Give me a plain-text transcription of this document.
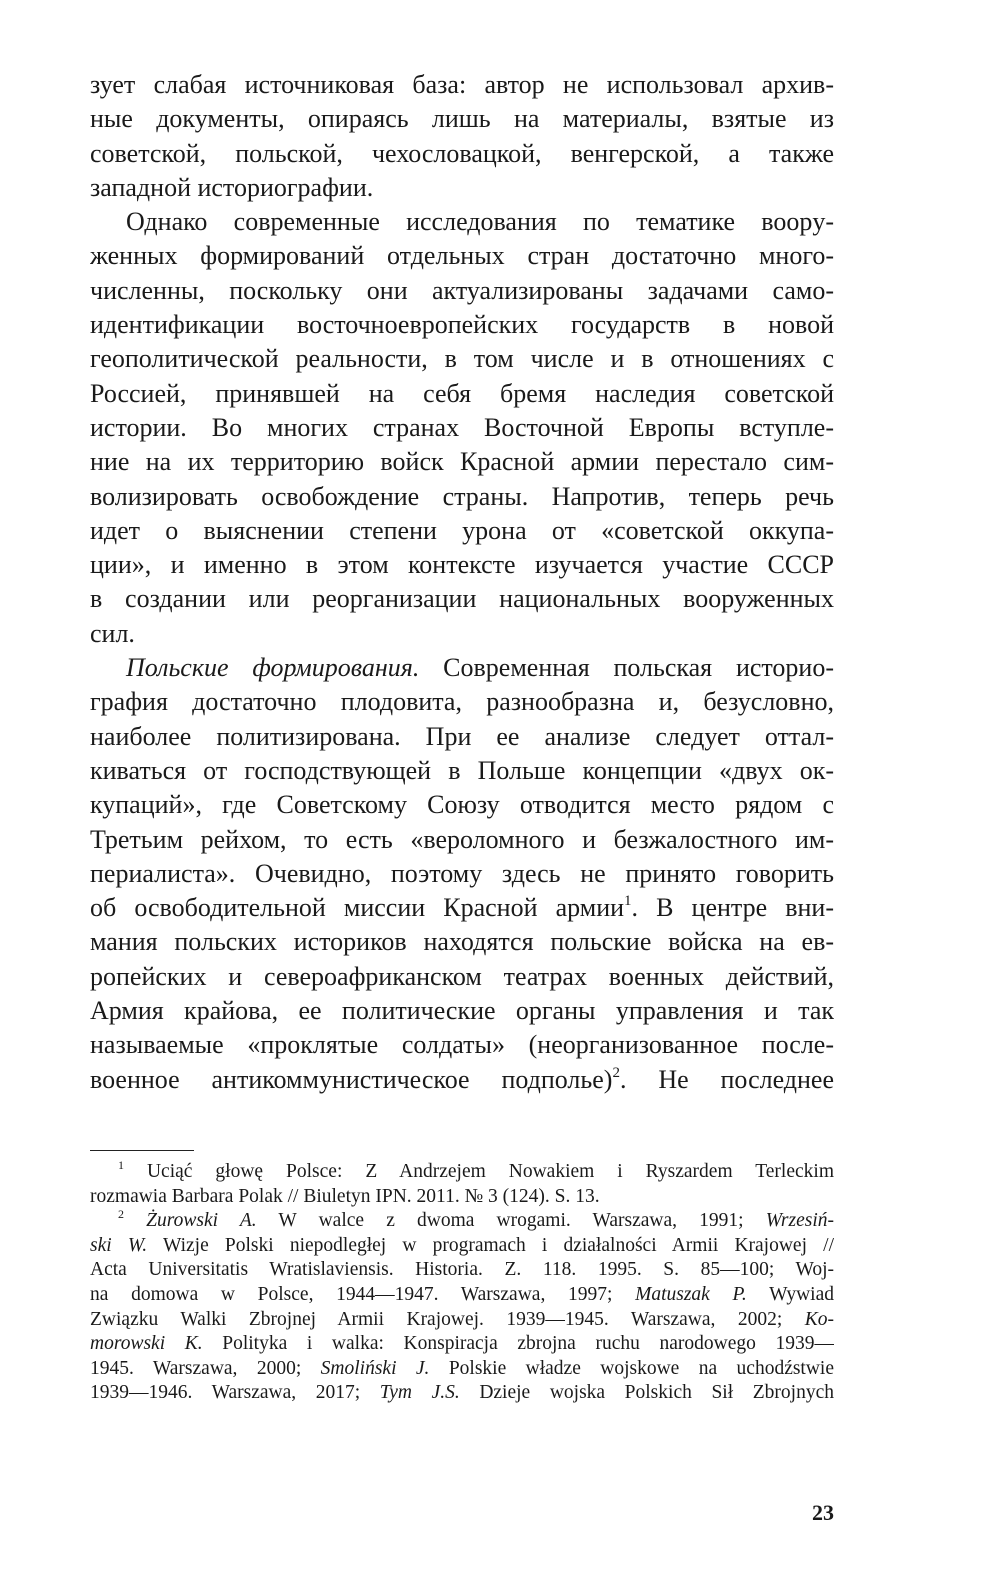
зует слабая источниковая база: автор не использовал архив-
ные документы, опираясь лишь на материалы, взятые из
советской, польской, чехословацкой, венгерской, а также
западной историографии.
Однако современные исследования по тематике вооpy-
женных формирований отдельных стран достаточно много-
численны, поскольку они актуализированы задачами само-
идентификации восточноевропейских государств в новой
геополитической реальности, в том числе и в отношениях с
Россией, принявшей на себя бремя наследия советской
истории. Во многих странах Восточной Европы вступле-
ние на их территорию войск Красной армии перестало сим-
волизировать освобождение страны. Напротив, теперь речь
идет о выяснении степени урона от «советской оккупа-
ции», и именно в этом контексте изучается участие СССР
в создании или реорганизации национальных вооруженных
сил.
Польские формирования. Современная польская историо-
графия достаточно плодовита, разнообразна и, безусловно,
наиболее политизирована. При ее анализе следует оттал-
киваться от господствующей в Польше концепции «двух ок-
купаций», где Советскому Союзу отводится место рядом с
Третьим рейхом, то есть «вероломного и безжалостного им-
периалиста». Очевидно, поэтому здесь не принято говорить
об освободительной миссии Красной армии$^1$. В центре вни-
мания польских историков находятся польские войска на ев-
ропейских и североафриканском театрах военных действий,
Армия крайова, ее политические органы управления и так
называемые «проклятые солдаты» (неорганизованное после-
военное антикоммунистическое подполье)$^2$. Не последнее
$^1$ Uciąć głowę Polsce: Z Andrzejem Nowakiem i Ryszardem Terleckim
rozmawia Barbara Polak // Biuletyn IPN. 2011. № 3 (124). S. 13.
$^2$ Żurowski A. W walce z dwoma wrogami. Warszawa, 1991; Wrzesiń-
ski W. Wizje Polski niepodległej w programach i działalności Armii Krajowej //
Acta Universitatis Wratislaviensis. Historia. Z. 118. 1995. S. 85—100; Woj-
na domowa w Polsce, 1944—1947. Warszawa, 1997; Matuszak P. Wywiad
Związku Walki Zbrojnej Armii Krajowej. 1939—1945. Warszawa, 2002; Ko-
morowski K. Polityka i walka: Konspiracja zbrojna ruchu narodowego 1939—
1945. Warszawa, 2000; Smoliński J. Polskie władze wojskowe na uchodźstwie
1939—1946. Warszawa, 2017; Tym J.S. Dzieje wojska Polskich Sił Zbrojnych
23
